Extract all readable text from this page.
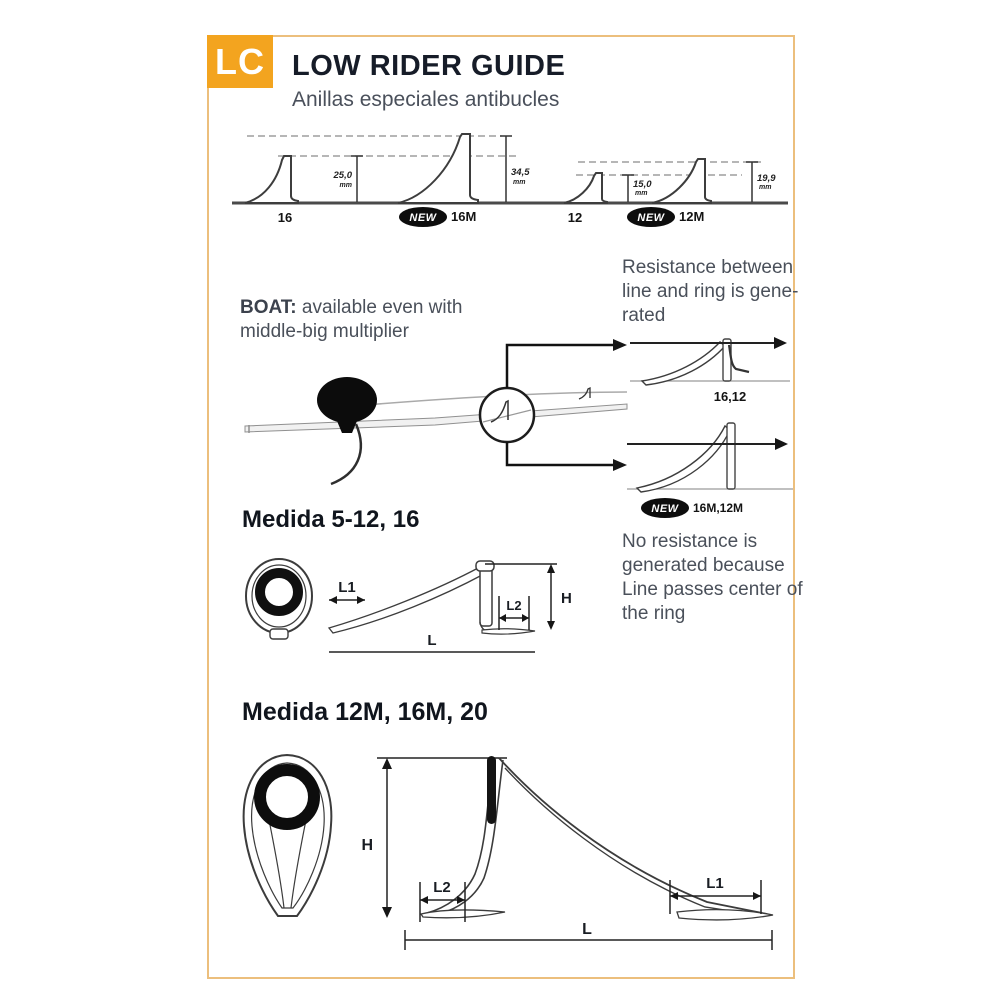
LC LOW RIDER GUIDE
Anillas especiales antibucles
25,0
mm
34,5
mm	15,0
mm
19,9
mm
16	NEW 16M	12	NEW 12M
BOAT: available even with
middle-big multiplier
Resistance between
line and ring is gene-
rated
16,12
NEW 16M,12M
No resistance is
generated because
Line passes center of
the ring
Medida 5-12, 16
L1
L2	H
L
Medida 12M, 16M, 20
H
L2	L1
L
